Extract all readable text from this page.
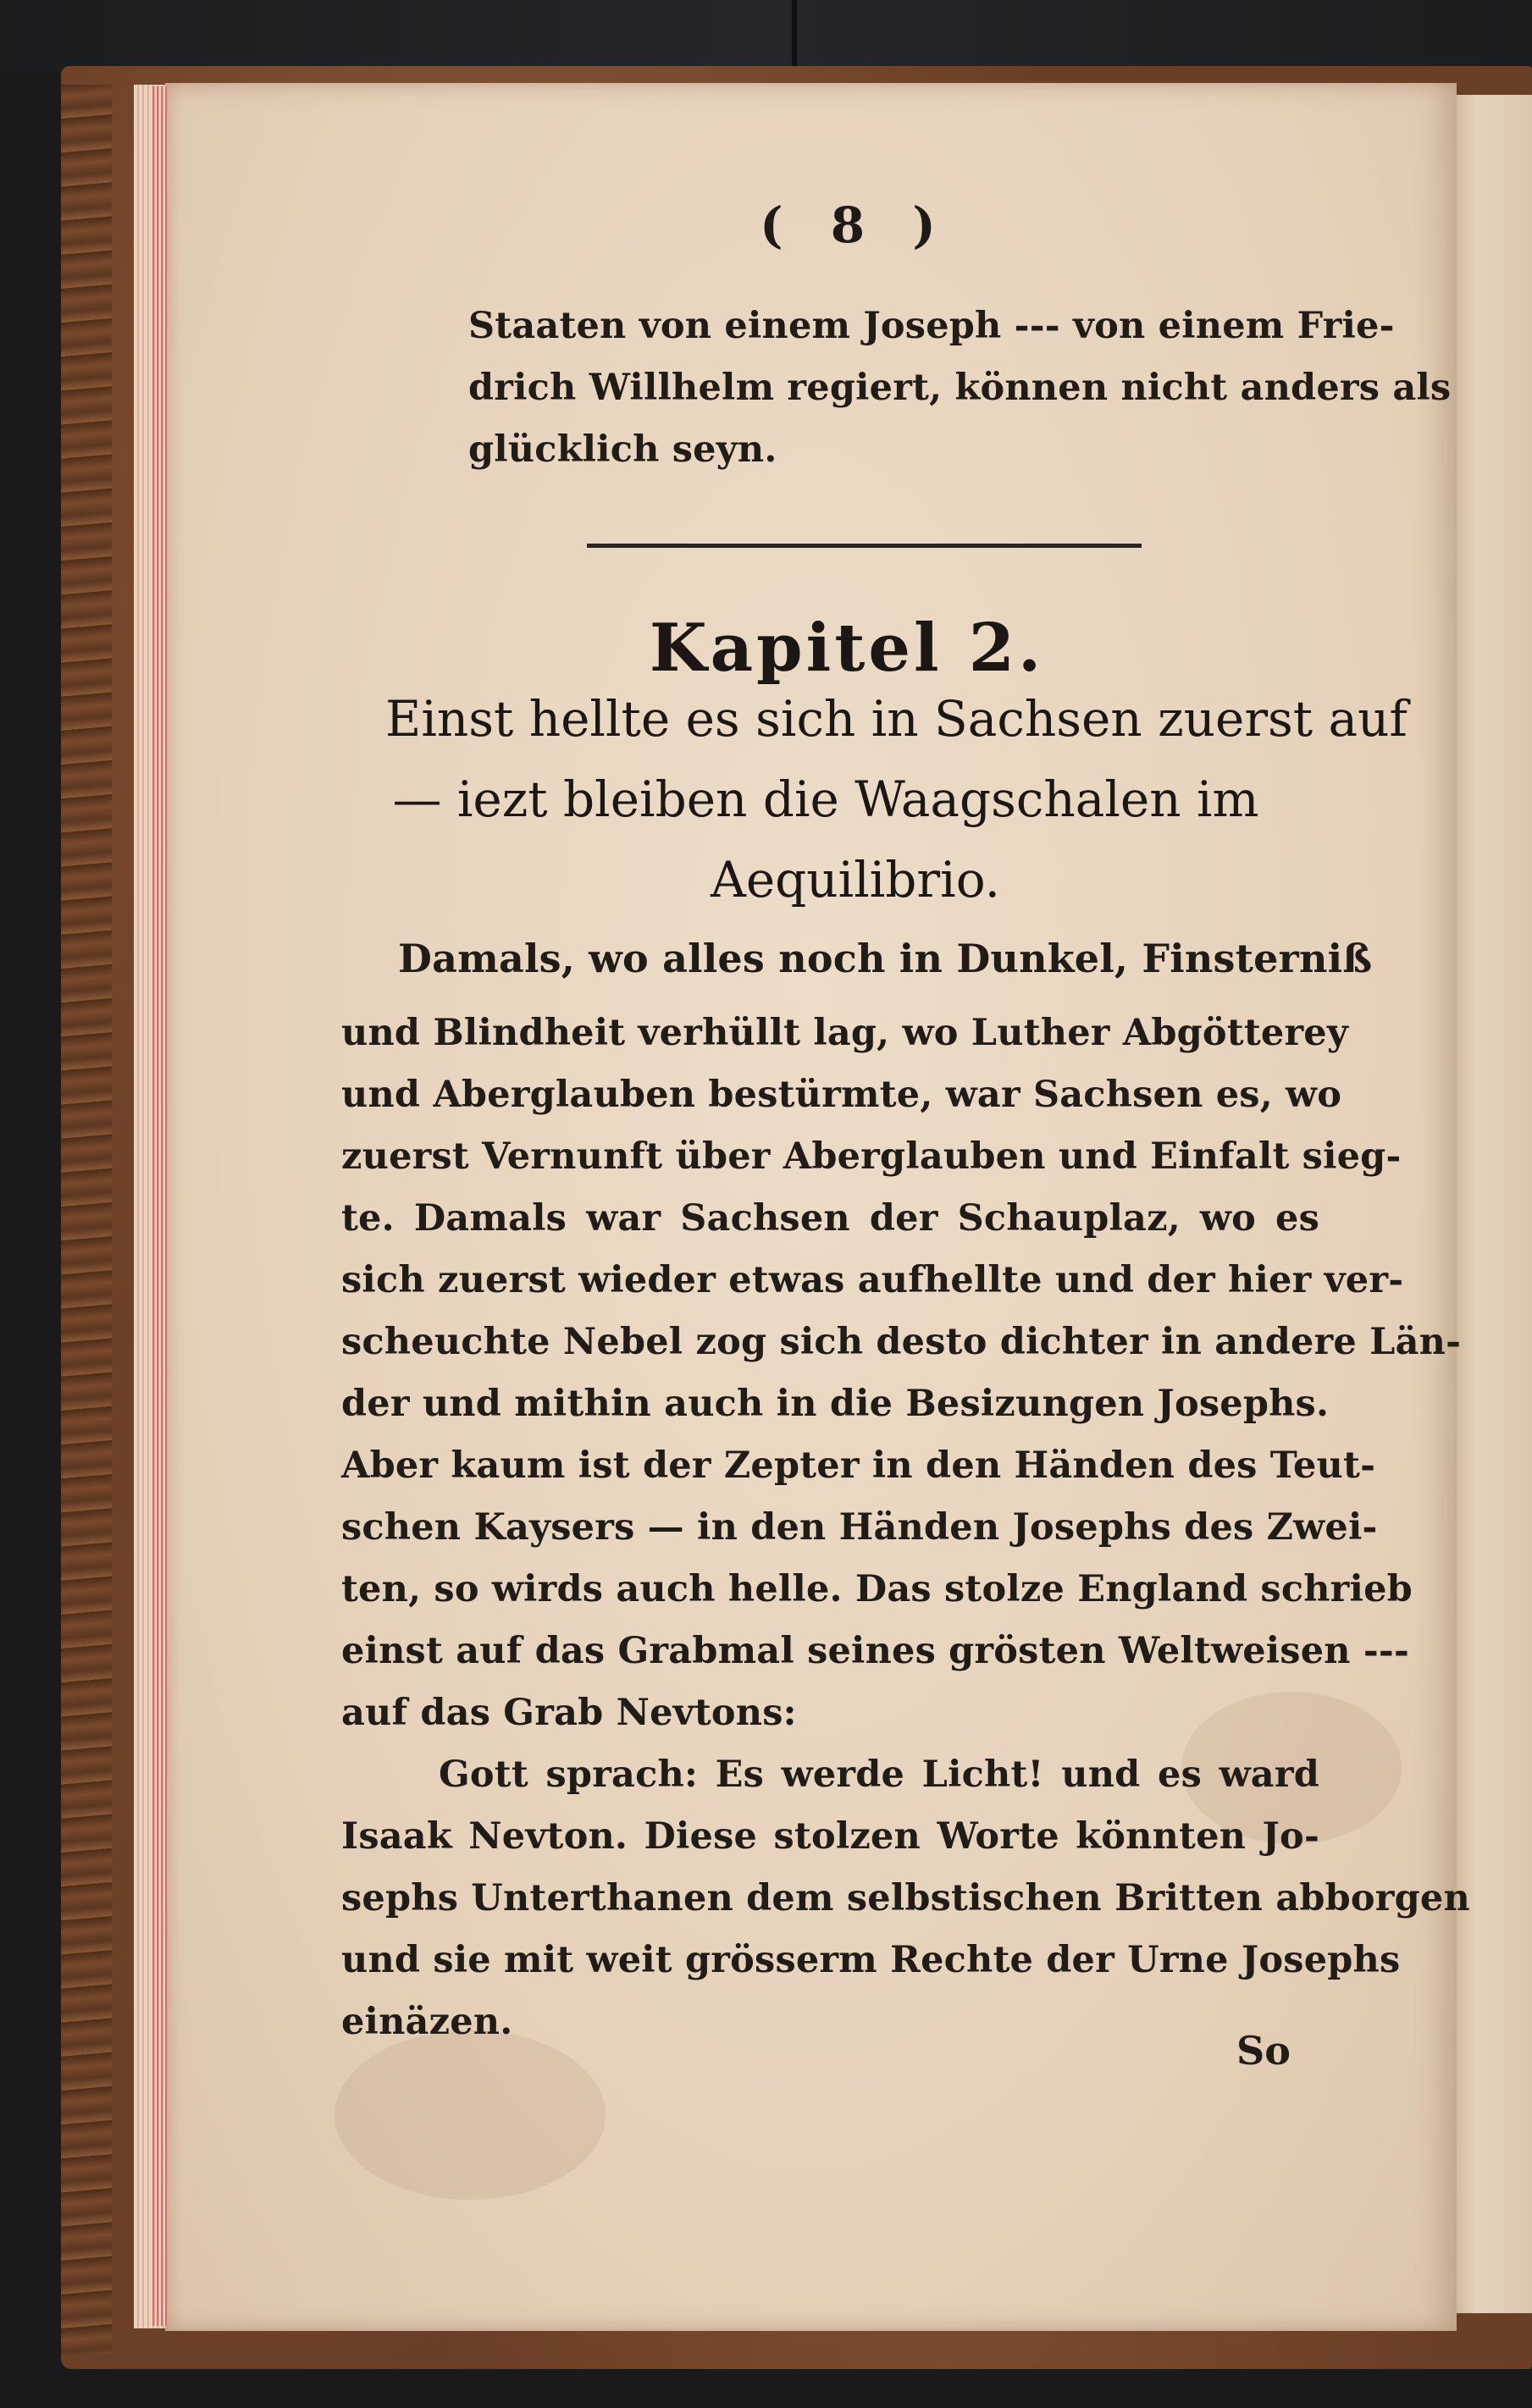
( 8 )
Staaten von einem Joseph --- von einem Frie-
drich Willhelm regiert, können nicht anders als
glücklich seyn.
Kapitel 2.
Einst hellte es sich in Sachsen zuerst auf
— iezt bleiben die Waagschalen im
Aequilibrio.
Damals, wo alles noch in Dunkel, Finsterniß
und Blindheit verhüllt lag, wo Luther Abgötterey
und Aberglauben bestürmte, war Sachsen es, wo
zuerst Vernunft über Aberglauben und Einfalt sieg-
te. Damals war Sachsen der Schauplaz, wo es
sich zuerst wieder etwas aufhellte und der hier ver-
scheuchte Nebel zog sich desto dichter in andere Län-
der und mithin auch in die Besizungen Josephs.
Aber kaum ist der Zepter in den Händen des Teut-
schen Kaysers — in den Händen Josephs des Zwei-
ten, so wirds auch helle. Das stolze England schrieb
einst auf das Grabmal seines grösten Weltweisen ---
auf das Grab Nevtons:
Gott sprach: Es werde Licht! und es ward
Isaak Nevton. Diese stolzen Worte könnten Jo-
sephs Unterthanen dem selbstischen Britten abborgen
und sie mit weit grösserm Rechte der Urne Josephs
einäzen.
So
